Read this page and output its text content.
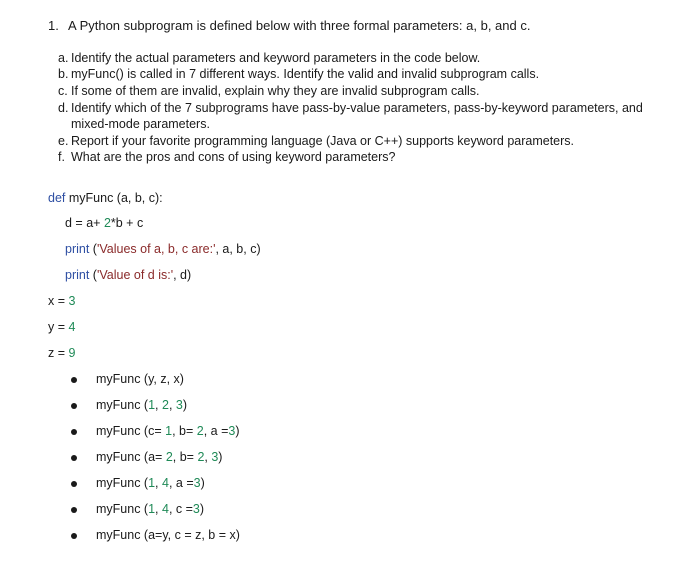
1. A Python subprogram is defined below with three formal parameters: a, b, and c.
a. Identify the actual parameters and keyword parameters in the code below.
b. myFunc() is called in 7 different ways. Identify the valid and invalid subprogram calls.
c. If some of them are invalid, explain why they are invalid subprogram calls.
d. Identify which of the 7 subprograms have pass-by-value parameters, pass-by-keyword parameters, and mixed-mode parameters.
e. Report if your favorite programming language (Java or C++) supports keyword parameters.
f. What are the pros and cons of using keyword parameters?
def myFunc (a, b, c):
d = a+ 2*b + c
print ('Values of a, b, c are:', a, b, c)
print ('Value of d is:', d)
x = 3
y = 4
z = 9
myFunc (y, z, x)
myFunc (1, 2, 3)
myFunc (c= 1, b= 2, a =3)
myFunc (a= 2, b= 2, 3)
myFunc (1, 4, a =3)
myFunc (1, 4, c =3)
myFunc (a=y, c = z, b = x)
